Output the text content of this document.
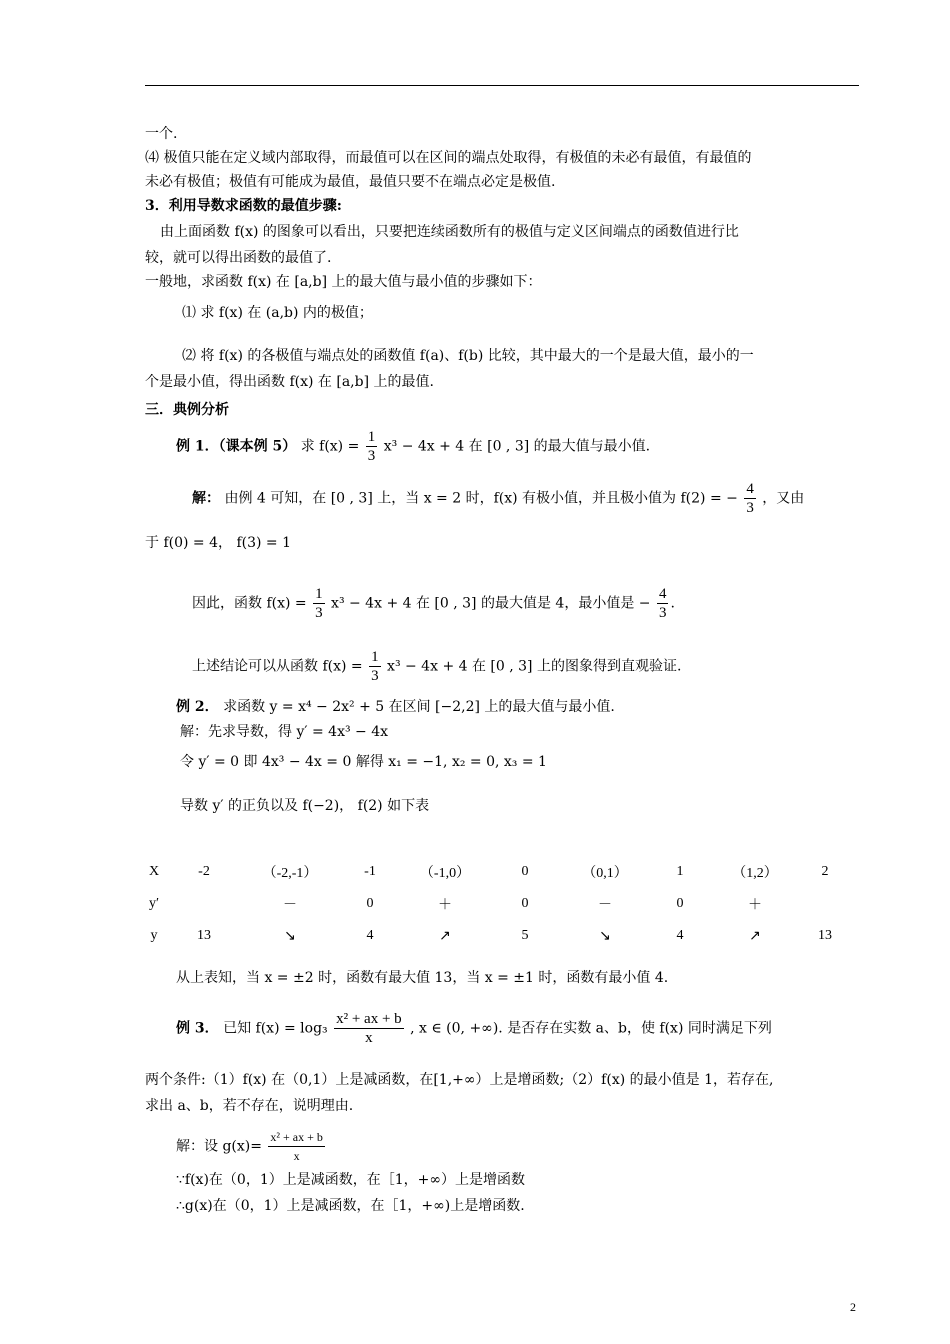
一个.
⑷ 极值只能在定义域内部取得，而最值可以在区间的端点处取得，有极值的未必有最值，有最值的
未必有极值；极值有可能成为最值，最值只要不在端点必定是极值.
3．利用导数求函数的最值步骤:
由上面函数 f(x) 的图象可以看出，只要把连续函数所有的极值与定义区间端点的函数值进行比
较，就可以得出函数的最值了.
一般地，求函数 f(x) 在 [a,b] 上的最大值与最小值的步骤如下：
⑴ 求 f(x) 在 (a,b) 内的极值；
⑵ 将 f(x) 的各极值与端点处的函数值 f(a)、f(b) 比较，其中最大的一个是最大值，最小的一
个是最小值，得出函数 f(x) 在 [a,b] 上的最值.
三．典例分析
例 1．（课本例 5） 求 $f(x) = \frac{1}{3} x^3 - 4x + 4$ 在 [0 , 3] 的最大值与最小值.
解： 由例 4 可知，在 [0 , 3] 上，当 x = 2 时，f(x) 有极小值，并且极小值为 f(2) = − $\frac{4}{3}$ ，又由
于 f(0) = 4， f(3) = 1
因此，函数 $f(x) = \frac{1}{3} x^3 - 4x + 4$ 在 [0 , 3] 的最大值是 4，最小值是 − $\frac{4}{3}$ .
上述结论可以从函数 $f(x) = \frac{1}{3} x^3 - 4x + 4$ 在 [0 , 3] 上的图象得到直观验证.
例 2． 求函数 y = x⁴ − 2x² + 5 在区间 [−2,2] 上的最大值与最小值.
解：先求导数，得 y′ = 4x³ − 4x
令 y′ = 0 即 4x³ − 4x = 0 解得 x₁ = −1, x₂ = 0, x₃ = 1
导数 y′ 的正负以及 f(−2)， f(2) 如下表
X	-2	（-2,-1）	-1	（-1,0）	0	（0,1）	1	（1,2）	2
y′		－	0	＋	0	－	0	＋	
y	13	↘	4	↗	5	↘	4	↗	13
从上表知，当 x = ±2 时，函数有最大值 13，当 x = ±1 时，函数有最小值 4.
例 3． 已知 $f(x) = \log_3 \frac{\text{x² + ax + b}}{x}$ , x ∈ (0, +∞). 是否存在实数 a、b，使 f(x) 同时满足下列
两个条件:（1）f(x) 在（0,1）上是减函数，在[1,+∞）上是增函数;（2）f(x) 的最小值是 1，若存在,
求出 a、b，若不存在，说明理由.
解：设 $g(x)= \frac{\text{x² + ax + b}}{x}$
∵f(x)在（0，1）上是减函数，在［1，+∞）上是增函数
∴g(x)在（0，1）上是减函数，在［1，+∞)上是增函数.
2
